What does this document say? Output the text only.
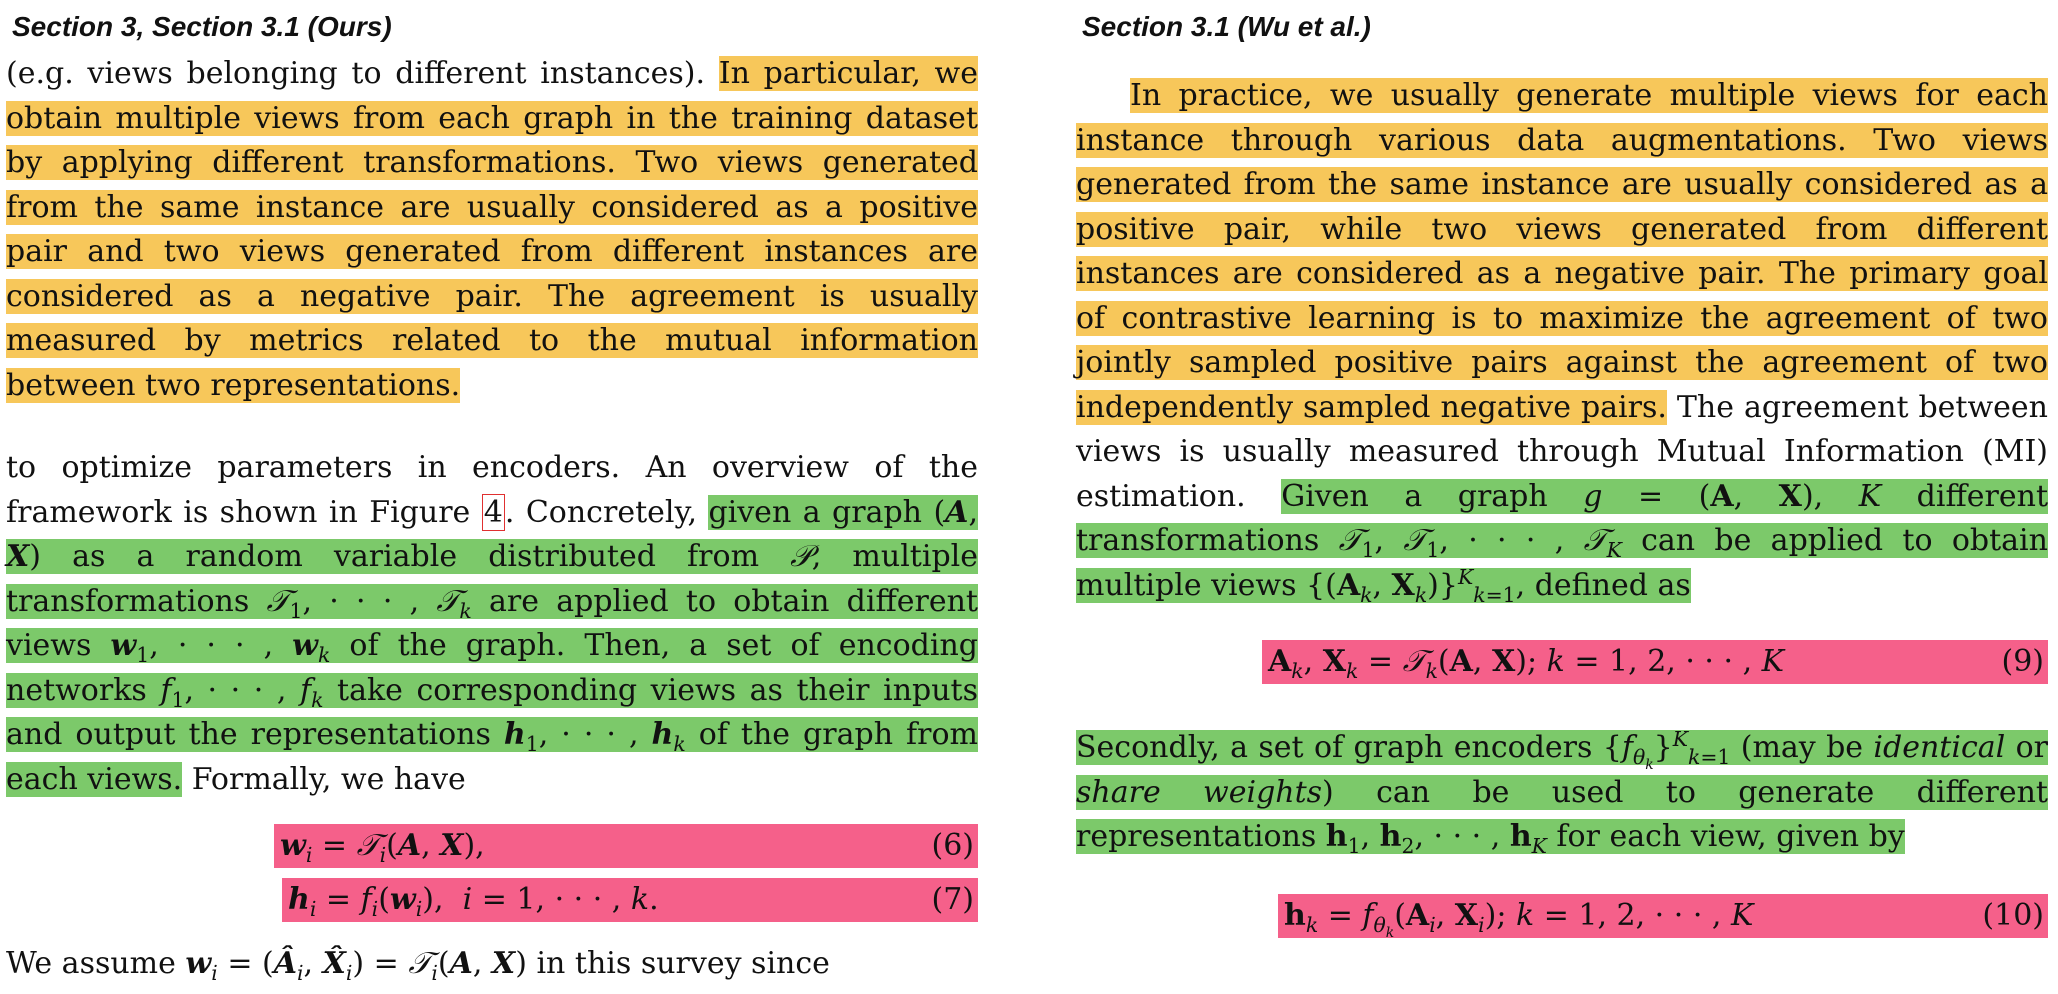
Section 3, Section 3.1 (Ours)

(e.g. views belonging to different instances). In particular, we obtain multiple views from each graph in the training dataset by applying different transformations. Two views generated from the same instance are usually considered as a positive pair and two views generated from different instances are considered as a negative pair. The agreement is usually measured by metrics related to the mutual information between two representations.

to optimize parameters in encoders. An overview of the framework is shown in Figure 4. Concretely, given a graph (A, X) as a random variable distributed from 𝒫, multiple transformations 𝒯$_1$, · · · , 𝒯$_k$ are applied to obtain different views $w_1$, · · · , $w_k$ of the graph. Then, a set of encoding networks $f_1$, · · · , $f_k$ take corresponding views as their inputs and output the representations $h_1$, · · · , $h_k$ of the graph from each views. Formally, we have

$w_i$ = 𝒯$_i$(A, X),	(6)
$h_i = f_i(w_i)$,  i = 1, · · · , k.	(7)

We assume $w_i$ = ($Â_i$, $X̂_i$) = 𝒯$_i$(A, X) in this survey since

Section 3.1 (Wu et al.)

In practice, we usually generate multiple views for each instance through various data augmentations. Two views generated from the same instance are usually considered as a positive pair, while two views generated from different instances are considered as a negative pair. The primary goal of contrastive learning is to maximize the agreement of two jointly sampled positive pairs against the agreement of two independently sampled negative pairs. The agreement between views is usually measured through Mutual Information (MI) estimation. Given a graph g = (A, X), K different transformations 𝒯$_1$, 𝒯$_1$, · · · , 𝒯$_K$ can be applied to obtain multiple views {($A_k$, $X_k)\}^K_{k=1}$, defined as

$A_k$, $X_k$ = 𝒯$_k$(A, X); k = 1, 2, · · · , K	(9)

Secondly, a set of graph encoders $\{f_{\theta_k}\}^K_{k=1}$ (may be identical or share weights) can be used to generate different representations $h_1$, $h_2$, · · · , $h_K$ for each view, given by

$h_k = f_{\theta_k}(A_i$, $X_i$); k = 1, 2, · · · , K	(10)
